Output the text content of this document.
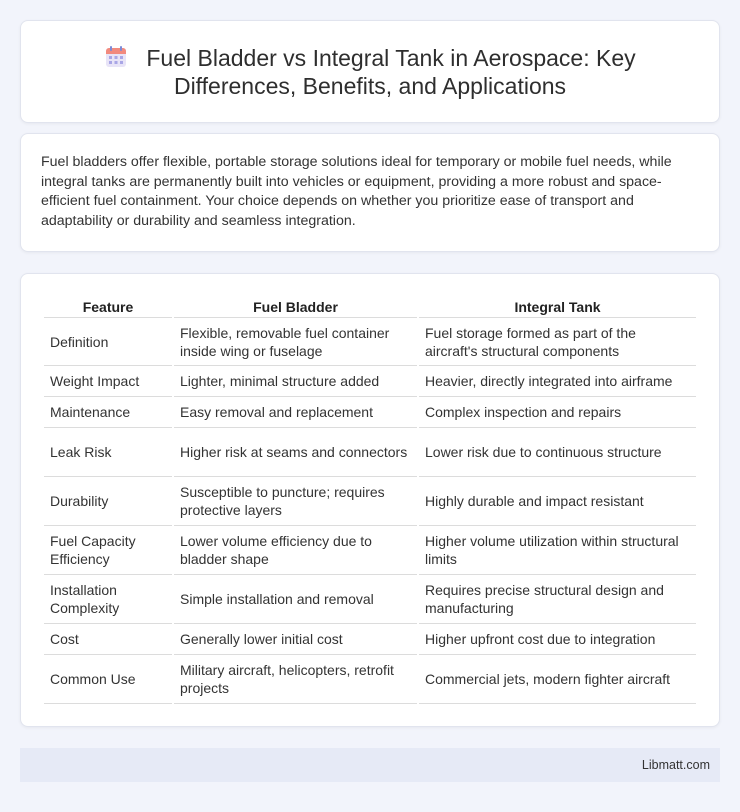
Fuel Bladder vs Integral Tank in Aerospace: Key Differences, Benefits, and Applications

Fuel bladders offer flexible, portable storage solutions ideal for temporary or mobile fuel needs, while integral tanks are permanently built into vehicles or equipment, providing a more robust and space-efficient fuel containment. Your choice depends on whether you prioritize ease of transport and adaptability or durability and seamless integration.

Feature	Fuel Bladder	Integral Tank
Definition	Flexible, removable fuel container inside wing or fuselage	Fuel storage formed as part of the aircraft's structural components
Weight Impact	Lighter, minimal structure added	Heavier, directly integrated into airframe
Maintenance	Easy removal and replacement	Complex inspection and repairs
Leak Risk	Higher risk at seams and connectors	Lower risk due to continuous structure
Durability	Susceptible to puncture; requires protective layers	Highly durable and impact resistant
Fuel Capacity Efficiency	Lower volume efficiency due to bladder shape	Higher volume utilization within structural limits
Installation Complexity	Simple installation and removal	Requires precise structural design and manufacturing
Cost	Generally lower initial cost	Higher upfront cost due to integration
Common Use	Military aircraft, helicopters, retrofit projects	Commercial jets, modern fighter aircraft
Libmatt.com
